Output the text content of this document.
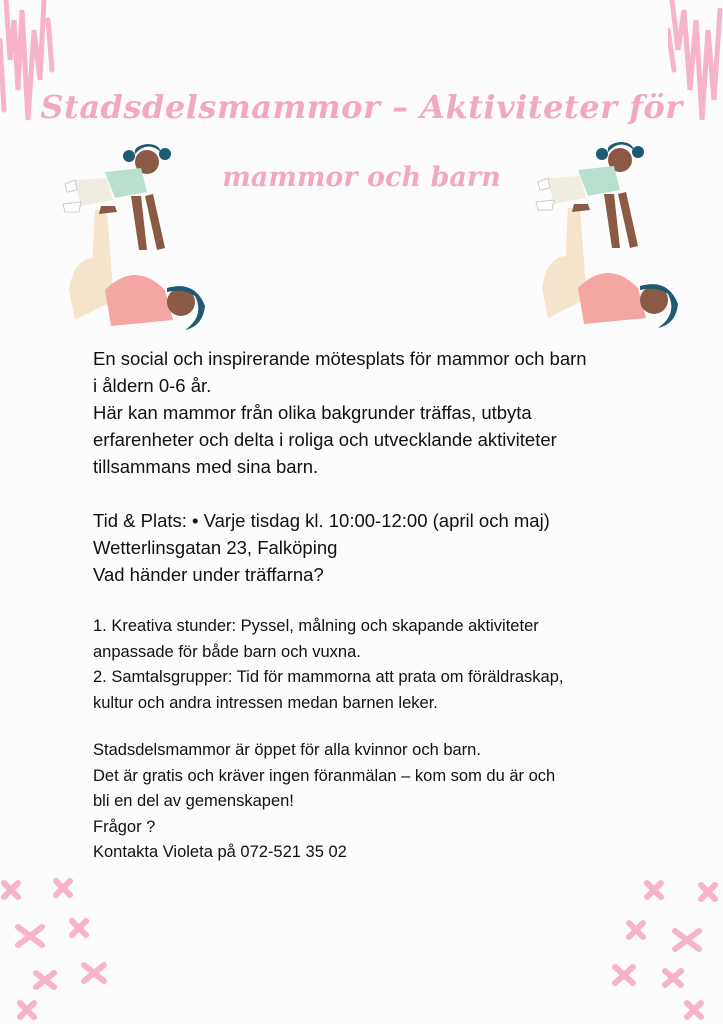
Stadsdelsmammor – Aktiviteter för
mammor och barn

En social och inspirerande mötesplats för mammor och barn

i åldern 0-6 år.

Här kan mammor från olika bakgrunder träffas, utbyta

erfarenheter och delta i roliga och utvecklande aktiviteter

tillsammans med sina barn.

Tid & Plats: • Varje tisdag kl. 10:00-12:00 (april och maj)

Wetterlinsgatan 23, Falköping

Vad händer under träffarna?

1. Kreativa stunder: Pyssel, målning och skapande aktiviteter

anpassade för både barn och vuxna.

2. Samtalsgrupper: Tid för mammorna att prata om föräldraskap,

kultur och andra intressen medan barnen leker.

Stadsdelsmammor är öppet för alla kvinnor och barn.

Det är gratis och kräver ingen föranmälan – kom som du är och

bli en del av gemenskapen!

Frågor ?

Kontakta Violeta på 072-521 35 02
